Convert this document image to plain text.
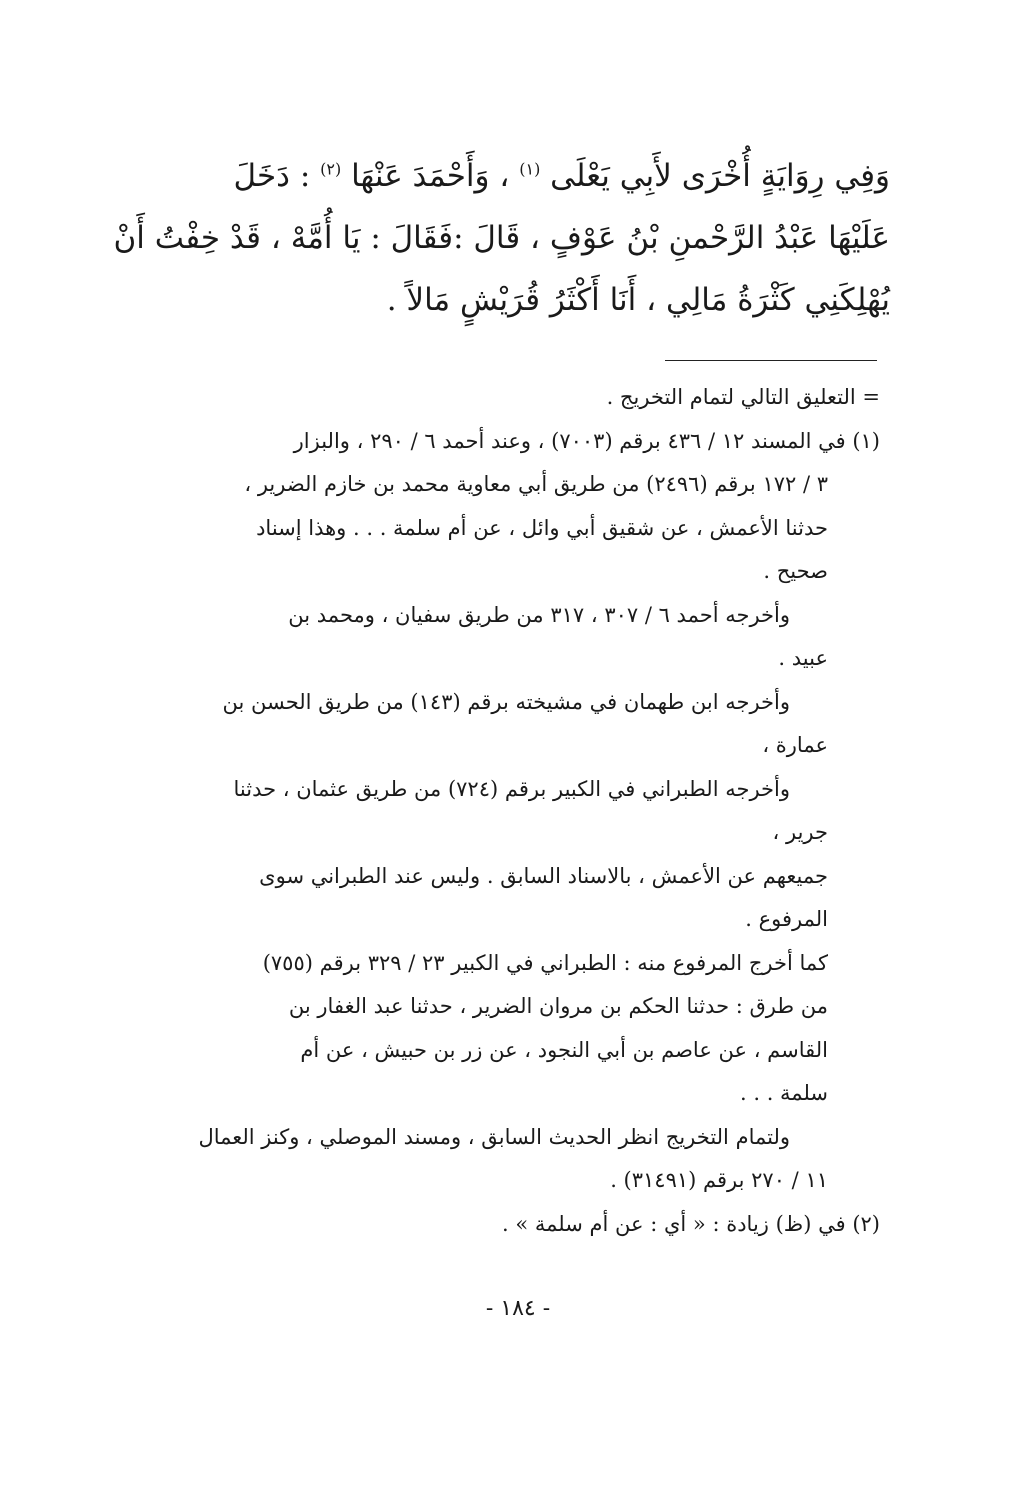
وَفِي رِوَايَةٍ أُخْرَى لأَبِي يَعْلَى $^{(١)}$ ، وَأَحْمَدَ عَنْهَا $^{(٢)}$ : دَخَلَ

عَلَيْهَا عَبْدُ الرَّحْمنِ بْنُ عَوْفٍ ، قَالَ :فَقَالَ : يَا أُمَّهْ ، قَدْ خِفْتُ أَنْ

يُهْلِكَنِي كَثْرَةُ مَالِي ، أَنَا أَكْثَرُ قُرَيْشٍ مَالاً .

= التعليق التالي لتمام التخريج .

(١) في المسند ١٢ / ٤٣٦ برقم (٧٠٠٣) ، وعند أحمد ٦ / ٢٩٠ ، والبزار

٣ / ١٧٢ برقم (٢٤٩٦) من طريق أبي معاوية محمد بن خازم الضرير ،

حدثنا الأعمش ، عن شقيق أبي وائل ، عن أم سلمة . . . وهذا إسناد

صحيح .

وأخرجه أحمد ٦ / ٣٠٧ ، ٣١٧ من طريق سفيان ، ومحمد بن

عبيد .

وأخرجه ابن طهمان في مشيخته برقم (١٤٣) من طريق الحسن بن

عمارة ،

وأخرجه الطبراني في الكبير برقم (٧٢٤) من طريق عثمان ، حدثنا

جرير ،

جميعهم عن الأعمش ، بالاسناد السابق . وليس عند الطبراني سوى

المرفوع .

كما أخرج المرفوع منه : الطبراني في الكبير ٢٣ / ٣٢٩ برقم (٧٥٥)

من طرق : حدثنا الحكم بن مروان الضرير ، حدثنا عبد الغفار بن

القاسم ، عن عاصم بن أبي النجود ، عن زر بن حبيش ، عن أم

سلمة . . .

ولتمام التخريج انظر الحديث السابق ، ومسند الموصلي ، وكنز العمال

١١ / ٢٧٠ برقم (٣١٤٩١) .

(٢) في (ظ) زيادة : « أي : عن أم سلمة » .

- ١٨٤ -
